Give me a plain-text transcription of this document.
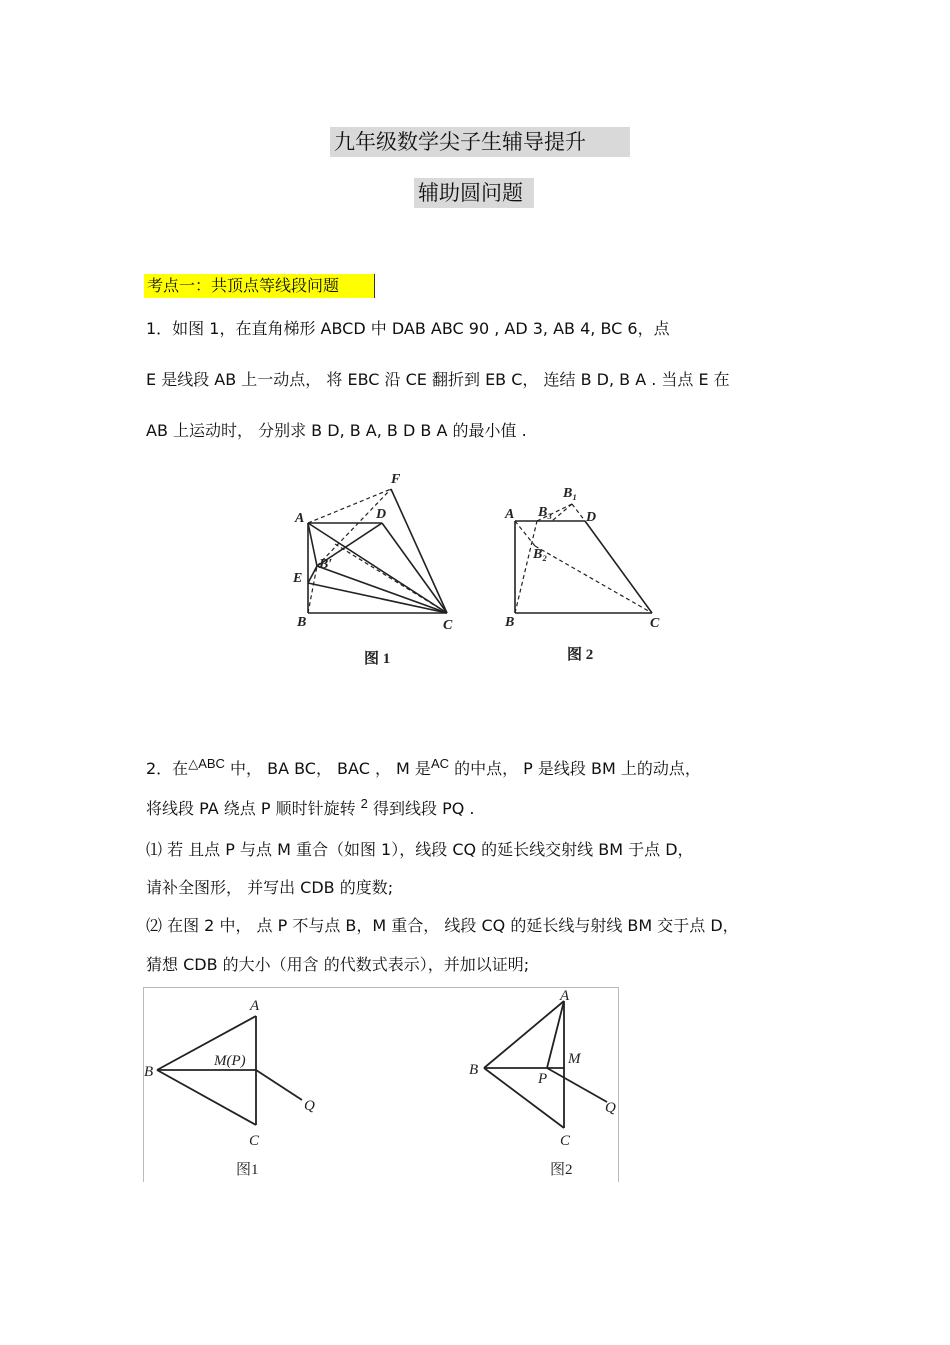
九年级数学尖子生辅导提升
辅助圆问题
考点一：共顶点等线段问题
1．如图 1，在直角梯形 ABCD 中 DAB ABC 90 , AD 3, AB 4, BC 6，点
E 是线段 AB 上一动点， 将 EBC 沿 CE 翻折到 EB C， 连结 B D, B A . 当点 E 在
AB 上运动时， 分别求 B D, B A, B D B A 的最小值 .
A
B	C
D
E
F
B′
图 1
A
B	C
D
B₁
B₂
B₃
图 2
2．在$^{\triangle ABC}$ 中， BA BC， BAC ， M 是$^{AC}$ 的中点， P 是线段 BM 上的动点，
将线段 PA 绕点 P 顺时针旋转 $^2$ 得到线段 PQ .
⑴ 若 且点 P 与点 M 重合（如图 1），线段 CQ 的延长线交射线 BM 于点 D，
请补全图形， 并写出 CDB 的度数;
⑵ 在图 2 中， 点 P 不与点 B，M 重合， 线段 CQ 的延长线与射线 BM 交于点 D，
猜想 CDB 的大小（用含 的代数式表示），并加以证明;
A
B
C
M(P)
Q
图1
A
B
C
M
P
Q
图2
